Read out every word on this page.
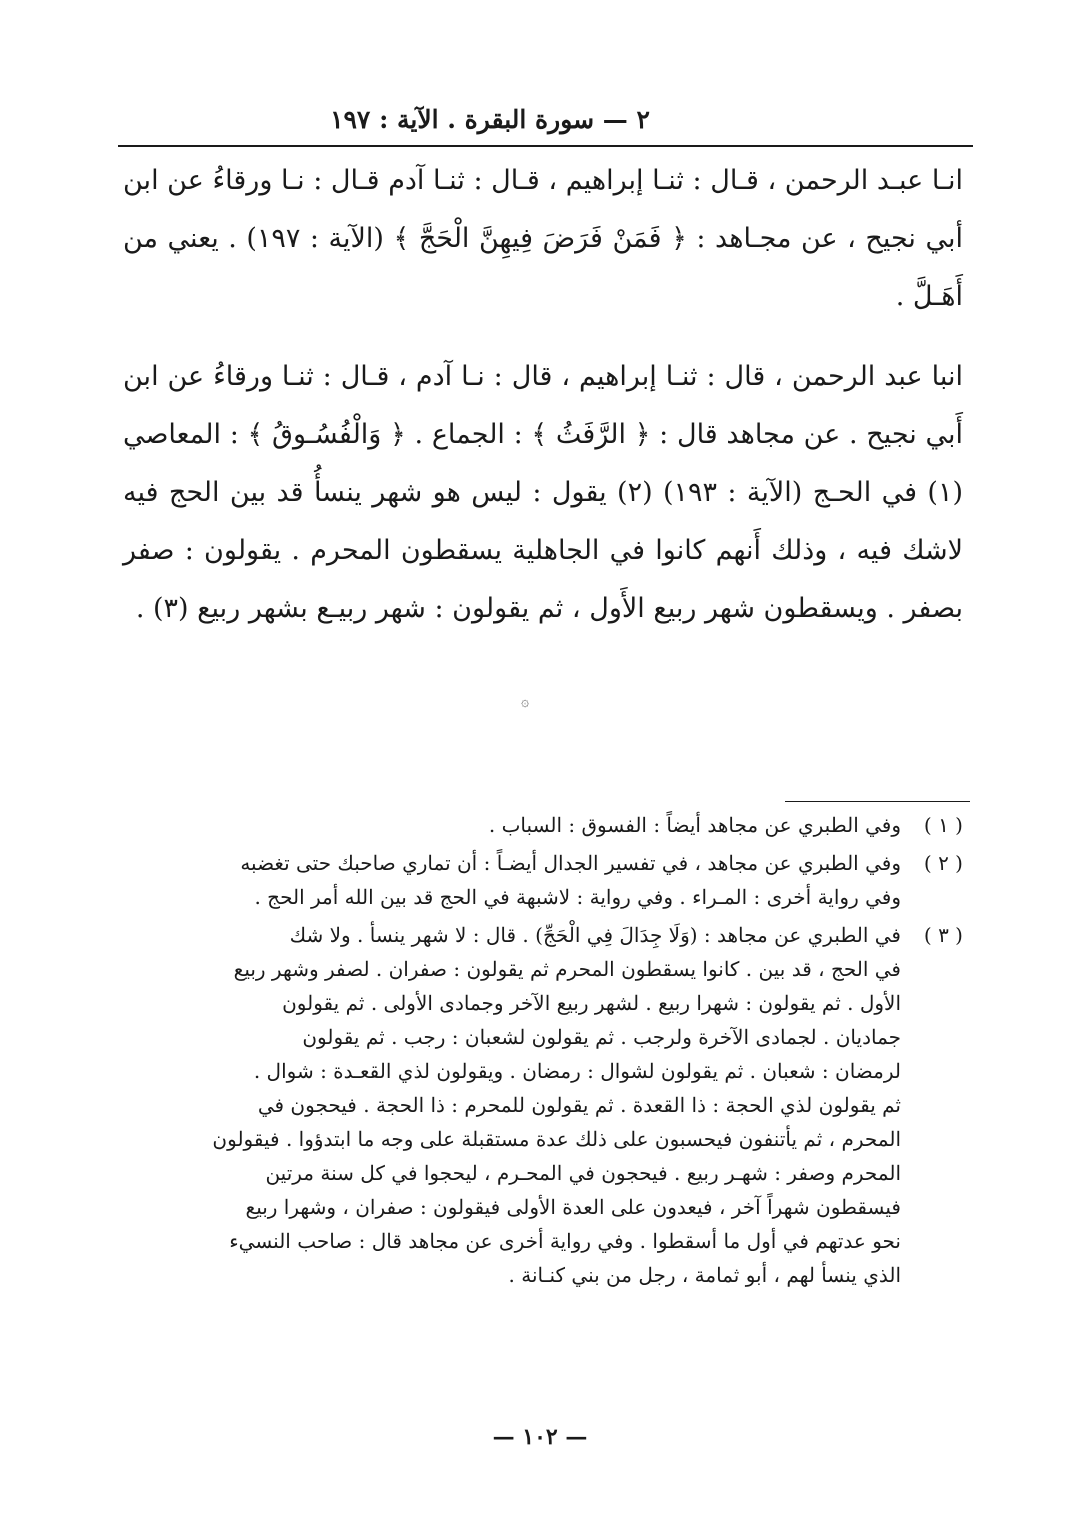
٢ — سورة البقرة . الآية : ١٩٧

انـا عبـد الرحمن ، قـال : ثنـا إبراهيم ، قـال : ثنـا آدم قـال : نـا ورقاءُ عن ابن أبي نجيح ، عن مجـاهد : ﴿ فَمَنْ فَرَضَ فِيهِنَّ الْحَجَّ ﴾ (الآية : ١٩٧) . يعني من أَهَـلَّ .

انبا عبد الرحمن ، قال : ثنـا إبراهيم ، قال : نـا آدم ، قـال : ثنـا ورقاءُ عن ابن أَبي نجيح . عن مجاهد قال : ﴿ الرَّفَثُ ﴾ : الجماع . ﴿ وَالْفُسُـوقُ ﴾ : المعاصي (١) في الحـج (الآية : ١٩٣) (٢) يقول : ليس هو شهر ينسأُ قد بين الحج فيه لاشك فيه ، وذلك أَنهم كانوا في الجاهلية يسقطون المحرم . يقولون : صفر بصفر . ويسقطون شهر ربيع الأَول ، ثم يقولون : شهر ربيـع بشهر ربيع (٣) .

۞
( ١ )
وفي الطبري عن مجاهد أيضاً : الفسوق : السباب .
( ٢ )
وفي الطبري عن مجاهد ، في تفسير الجدال أيضـاً : أن تماري صاحبك حتى تغضبه
وفي رواية أخرى : المـراء . وفي رواية : لاشبهة في الحج قد بين الله أمر الحج .
( ٣ )
في الطبري عن مجاهد : (وَلَا جِدَالَ فِي الْحَجِّ) . قال : لا شهر ينسأ . ولا شك
في الحج ، قد بين . كانوا يسقطون المحرم ثم يقولون : صفران . لصفر وشهر ربيع
الأول . ثم يقولون : شهرا ربيع . لشهر ربيع الآخر وجمادى الأولى . ثم يقولون
جماديان . لجمادى الآخرة ولرجب . ثم يقولون لشعبان : رجب . ثم يقولون
لرمضان : شعبان . ثم يقولون لشوال : رمضان . ويقولون لذي القعـدة : شوال .
ثم يقولون لذي الحجة : ذا القعدة . ثم يقولون للمحرم : ذا الحجة . فيحجون في
المحرم ، ثم يأتنفون فيحسبون على ذلك عدة مستقبلة على وجه ما ابتدؤوا . فيقولون
المحرم وصفر : شهـر ربيع . فيحجون في المحـرم ، ليحجوا في كل سنة مرتين
فيسقطون شهراً آخر ، فيعدون على العدة الأولى فيقولون : صفران ، وشهرا ربيع
نحو عدتهم في أول ما أسقطوا . وفي رواية أخرى عن مجاهد قال : صاحب النسيء
الذي ينسأ لهم ، أبو ثمامة ، رجل من بني كنـانة .
— ١٠٢ —
